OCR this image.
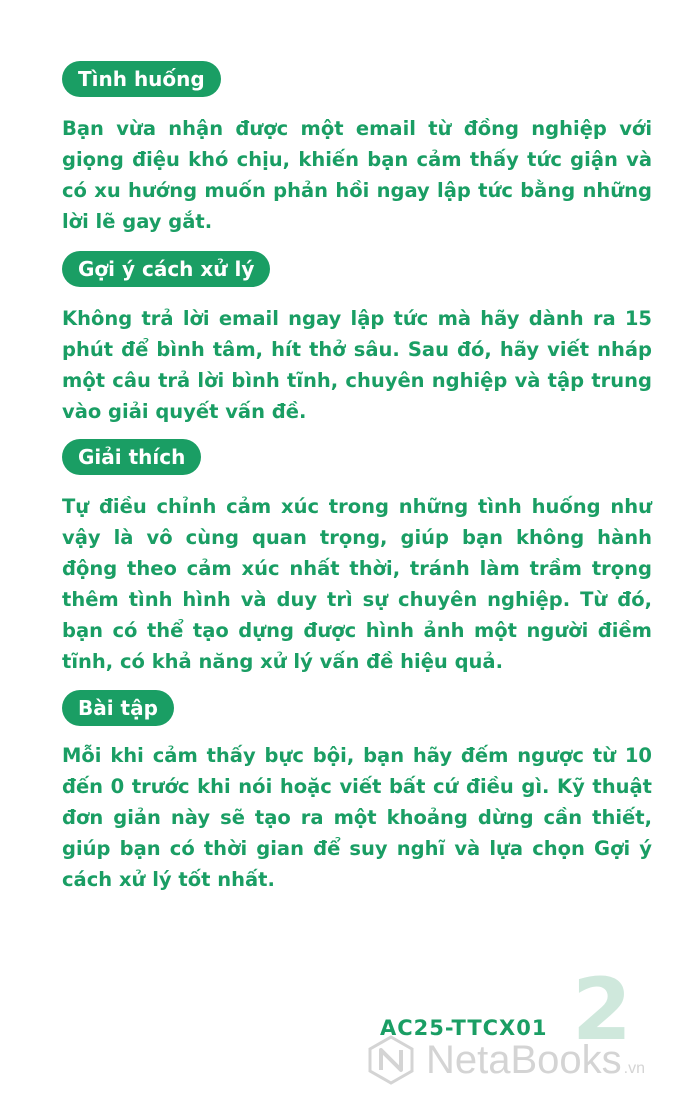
Tình huống

Bạn vừa nhận được một email từ đồng nghiệp với giọng điệu khó chịu, khiến bạn cảm thấy tức giận và có xu hướng muốn phản hồi ngay lập tức bằng những lời lẽ gay gắt.

Gợi ý cách xử lý

Không trả lời email ngay lập tức mà hãy dành ra 15 phút để bình tâm, hít thở sâu. Sau đó, hãy viết nháp một câu trả lời bình tĩnh, chuyên nghiệp và tập trung vào giải quyết vấn đề.

Giải thích

Tự điều chỉnh cảm xúc trong những tình huống như vậy là vô cùng quan trọng, giúp bạn không hành động theo cảm xúc nhất thời, tránh làm trầm trọng thêm tình hình và duy trì sự chuyên nghiệp. Từ đó, bạn có thể tạo dựng được hình ảnh một người điềm tĩnh, có khả năng xử lý vấn đề hiệu quả.

Bài tập

Mỗi khi cảm thấy bực bội, bạn hãy đếm ngược từ 10 đến 0 trước khi nói hoặc viết bất cứ điều gì. Kỹ thuật đơn giản này sẽ tạo ra một khoảng dừng cần thiết, giúp bạn có thời gian để suy nghĩ và lựa chọn Gợi ý cách xử lý tốt nhất.

2
AC25-TTCX01
NetaBooks .vn
